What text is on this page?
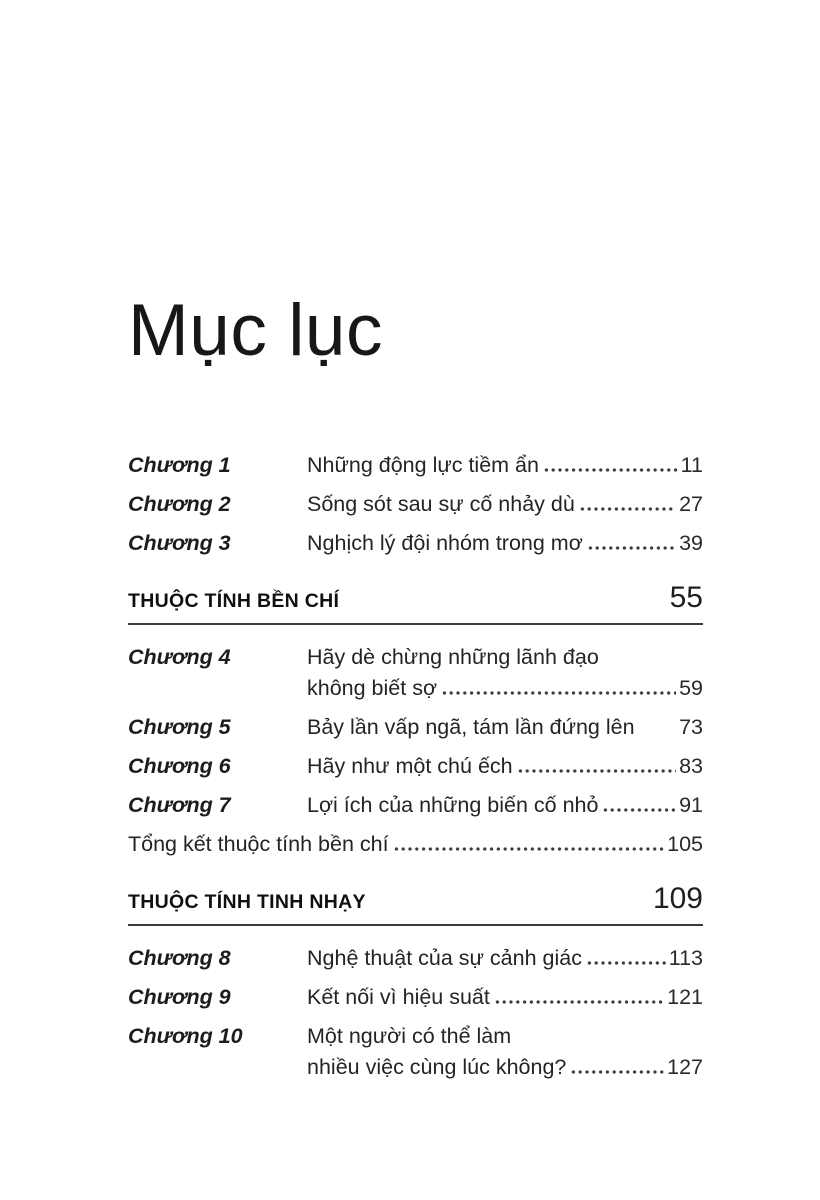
Mục lục
Chương 1	Những động lực tiềm ẩn	11
Chương 2	Sống sót sau sự cố nhảy dù	27
Chương 3	Nghịch lý đội nhóm trong mơ	39
THUỘC TÍNH BỀN CHÍ	55
Chương 4	Hãy dè chừng những lãnh đạo
không biết sợ	59
Chương 5	Bảy lần vấp ngã, tám lần đứng lên 73
Chương 6	Hãy như một chú ếch	83
Chương 7	Lợi ích của những biến cố nhỏ	91
Tổng kết thuộc tính bền chí	105
THUỘC TÍNH TINH NHẠY	109
Chương 8	Nghệ thuật của sự cảnh giác	113
Chương 9	Kết nối vì hiệu suất	121
Chương 10	Một người có thể làm
nhiều việc cùng lúc không?	127
